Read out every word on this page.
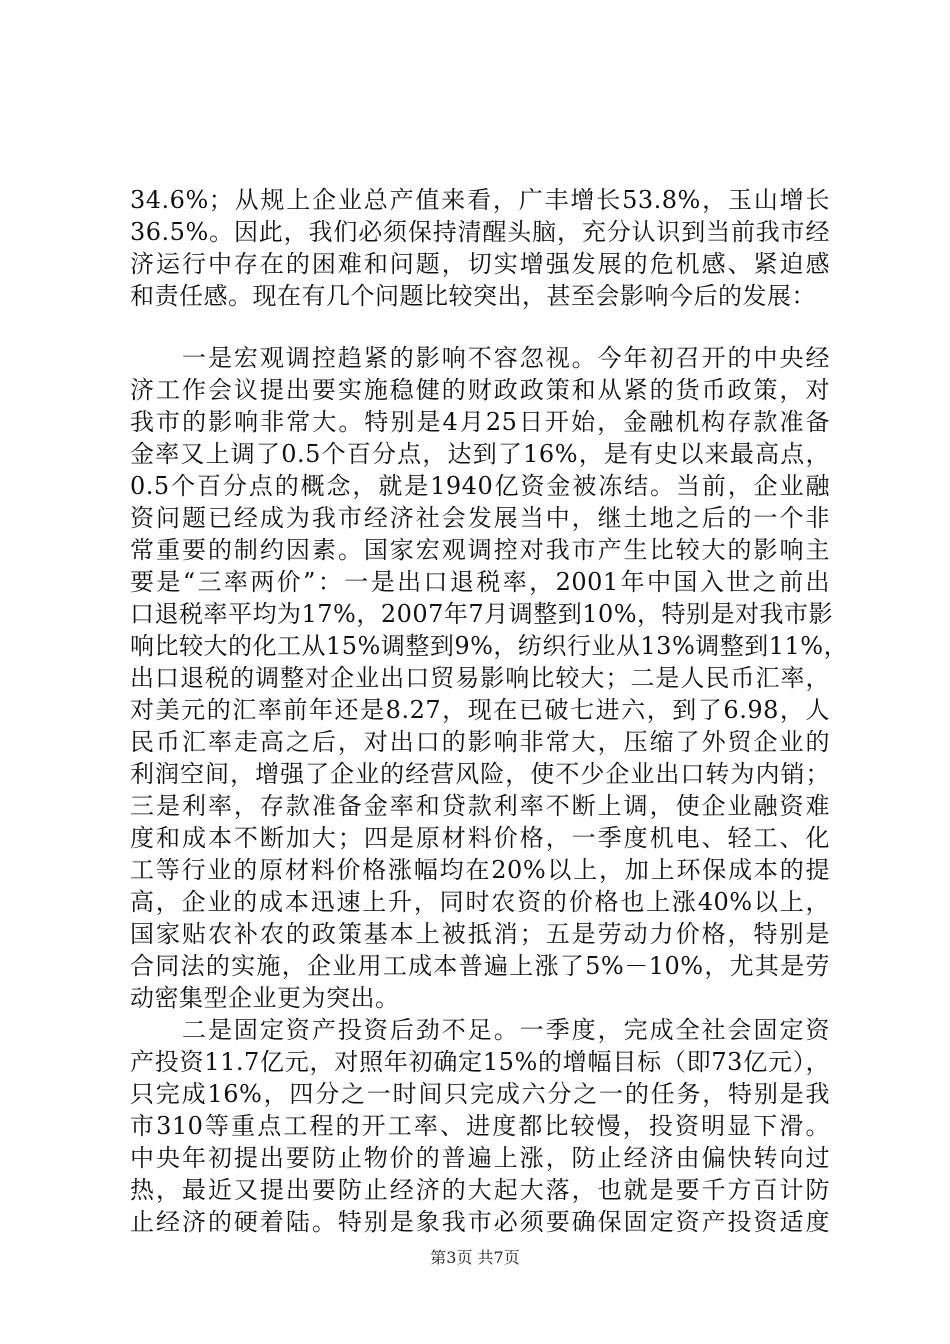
34.6%；从规上企业总产值来看，广丰增长53.8%，玉山增长
36.5%。因此，我们必须保持清醒头脑，充分认识到当前我市经
济运行中存在的困难和问题，切实增强发展的危机感、紧迫感
和责任感。现在有几个问题比较突出，甚至会影响今后的发展：
　　一是宏观调控趋紧的影响不容忽视。今年初召开的中央经
济工作会议提出要实施稳健的财政政策和从紧的货币政策，对
我市的影响非常大。特别是4月25日开始，金融机构存款准备
金率又上调了0.5个百分点，达到了16%，是有史以来最高点，
0.5个百分点的概念，就是1940亿资金被冻结。当前，企业融
资问题已经成为我市经济社会发展当中，继土地之后的一个非
常重要的制约因素。国家宏观调控对我市产生比较大的影响主
要是“三率两价”：一是出口退税率，2001年中国入世之前出
口退税率平均为17%，2007年7月调整到10%，特别是对我市影
响比较大的化工从15%调整到9%，纺织行业从13%调整到11%，
出口退税的调整对企业出口贸易影响比较大；二是人民币汇率，
对美元的汇率前年还是8.27，现在已破七进六，到了6.98，人
民币汇率走高之后，对出口的影响非常大，压缩了外贸企业的
利润空间，增强了企业的经营风险，使不少企业出口转为内销；
三是利率，存款准备金率和贷款利率不断上调，使企业融资难
度和成本不断加大；四是原材料价格，一季度机电、轻工、化
工等行业的原材料价格涨幅均在20%以上，加上环保成本的提
高，企业的成本迅速上升，同时农资的价格也上涨40%以上，
国家贴农补农的政策基本上被抵消；五是劳动力价格，特别是
合同法的实施，企业用工成本普遍上涨了5%－10%，尤其是劳
动密集型企业更为突出。
　　二是固定资产投资后劲不足。一季度，完成全社会固定资
产投资11.7亿元，对照年初确定15%的增幅目标（即73亿元），
只完成16%，四分之一时间只完成六分之一的任务，特别是我
市310等重点工程的开工率、进度都比较慢，投资明显下滑。
中央年初提出要防止物价的普遍上涨，防止经济由偏快转向过
热，最近又提出要防止经济的大起大落，也就是要千方百计防
止经济的硬着陆。特别是象我市必须要确保固定资产投资适度
第3页 共7页
